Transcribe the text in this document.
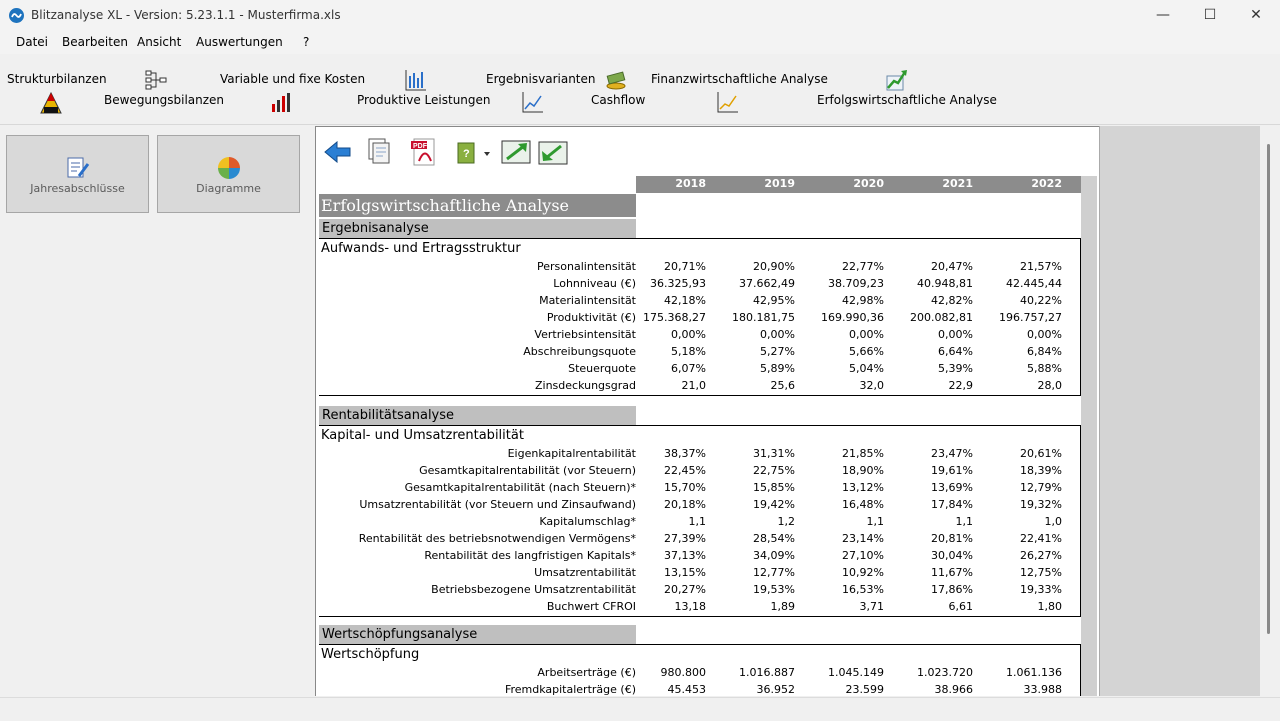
Blitzanalyse XL - Version: 5.23.1.1 - Musterfirma.xls	—	☐	✕
Datei Bearbeiten Ansicht Auswertungen ?
Strukturbilanzen
Bewegungsbilanzen
Variable und fixe Kosten
Produktive Leistungen
Ergebnisvarianten
Cashflow
Finanzwirtschaftliche Analyse
Erfolgswirtschaftliche Analyse
Jahresabschlüsse	Diagramme
PDF
?
2018	2019	2020	2021	2022
Erfolgswirtschaftliche Analyse
Ergebnisanalyse
Aufwands- und Ertragsstruktur
Personalintensität	20,71%	20,90%	22,77%	20,47%	21,57%
Lohnniveau (€)	36.325,93	37.662,49	38.709,23	40.948,81	42.445,44
Materialintensität	42,18%	42,95%	42,98%	42,82%	40,22%
Produktivität (€) 175.368,27	180.181,75	169.990,36	200.082,81	196.757,27
Vertriebsintensität	0,00%	0,00%	0,00%	0,00%	0,00%
Abschreibungsquote	5,18%	5,27%	5,66%	6,64%	6,84%
Steuerquote	6,07%	5,89%	5,04%	5,39%	5,88%
Zinsdeckungsgrad	21,0	25,6	32,0	22,9	28,0
Rentabilitätsanalyse
Kapital- und Umsatzrentabilität
Eigenkapitalrentabilität	38,37%	31,31%	21,85%	23,47%	20,61%
Gesamtkapitalrentabilität (vor Steuern)	22,45%	22,75%	18,90%	19,61%	18,39%
Gesamtkapitalrentabilität (nach Steuern)*	15,70%	15,85%	13,12%	13,69%	12,79%
Umsatzrentabilität (vor Steuern und Zinsaufwand)	20,18%	19,42%	16,48%	17,84%	19,32%
Kapitalumschlag*	1,1	1,2	1,1	1,1	1,0
Rentabilität des betriebsnotwendigen Vermögens*	27,39%	28,54%	23,14%	20,81%	22,41%
Rentabilität des langfristigen Kapitals*	37,13%	34,09%	27,10%	30,04%	26,27%
Umsatzrentabilität	13,15%	12,77%	10,92%	11,67%	12,75%
Betriebsbezogene Umsatzrentabilität	20,27%	19,53%	16,53%	17,86%	19,33%
Buchwert CFROI	13,18	1,89	3,71	6,61	1,80
Wertschöpfungsanalyse
Wertschöpfung
Arbeitserträge (€)	980.800	1.016.887	1.045.149	1.023.720	1.061.136
Fremdkapitalerträge (€)	45.453	36.952	23.599	38.966	33.988
